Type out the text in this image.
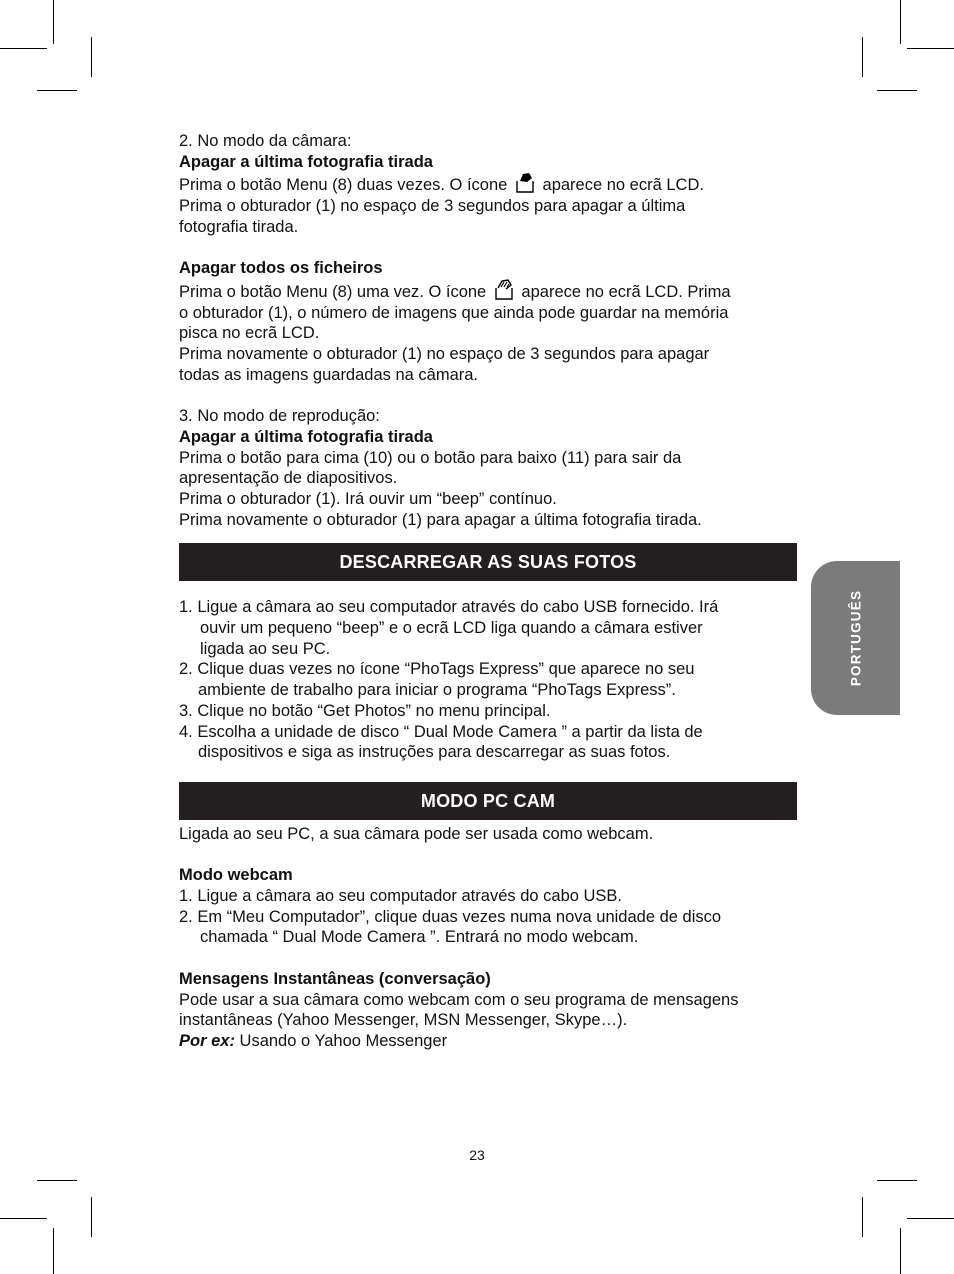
2. No modo da câmara:
Apagar a última fotografia tirada
Prima o botão Menu (8) duas vezes. O ícone aparece no ecrã LCD.
Prima o obturador (1) no espaço de 3 segundos para apagar a última
fotografia tirada.
Apagar todos os ficheiros
Prima o botão Menu (8) uma vez. O ícone aparece no ecrã LCD. Prima
o obturador (1), o número de imagens que ainda pode guardar na memória
pisca no ecrã LCD.
Prima novamente o obturador (1) no espaço de 3 segundos para apagar
todas as imagens guardadas na câmara.
3. No modo de reprodução:
Apagar a última fotografia tirada
Prima o botão para cima (10) ou o botão para baixo (11) para sair da
apresentação de diapositivos.
Prima o obturador (1). Irá ouvir um “beep” contínuo.
Prima novamente o obturador (1) para apagar a última fotografia tirada.
DESCARREGAR AS SUAS FOTOS
1. Ligue a câmara ao seu computador através do cabo USB fornecido. Irá
ouvir um pequeno “beep” e o ecrã LCD liga quando a câmara estiver
ligada ao seu PC.
2. Clique duas vezes no ícone “PhoTags Express” que aparece no seu
ambiente de trabalho para iniciar o programa “PhoTags Express”.
3. Clique no botão “Get Photos” no menu principal.
4. Escolha a unidade de disco “ Dual Mode Camera ” a partir da lista de
dispositivos e siga as instruções para descarregar as suas fotos.
MODO PC CAM
Ligada ao seu PC, a sua câmara pode ser usada como webcam.
Modo webcam
1. Ligue a câmara ao seu computador através do cabo USB.
2. Em “Meu Computador”, clique duas vezes numa nova unidade de disco
chamada “ Dual Mode Camera ”. Entrará no modo webcam.
Mensagens Instantâneas (conversação)
Pode usar a sua câmara como webcam com o seu programa de mensagens
instantâneas (Yahoo Messenger, MSN Messenger, Skype…).
Por ex: Usando o Yahoo Messenger
PORTUGUÊS
23
